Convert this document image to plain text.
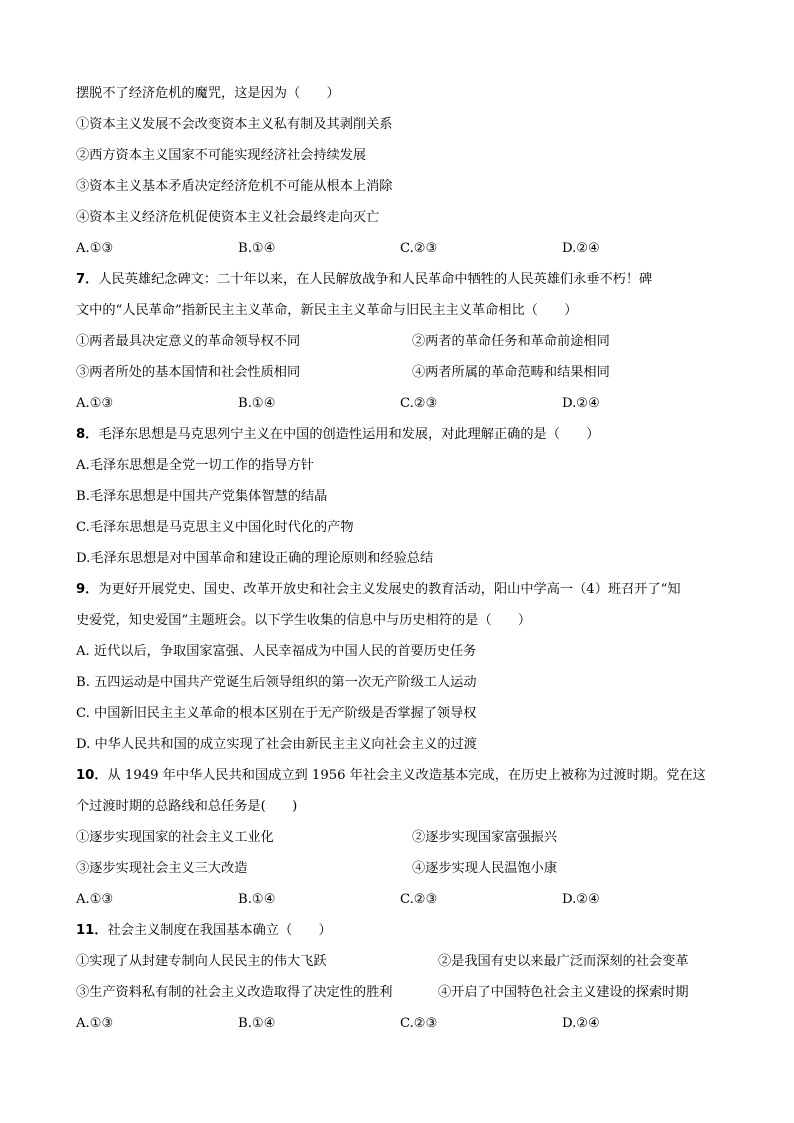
摆脱不了经济危机的魔咒，这是因为（　　）
①资本主义发展不会改变资本主义私有制及其剥削关系
②西方资本主义国家不可能实现经济社会持续发展
③资本主义基本矛盾决定经济危机不可能从根本上消除
④资本主义经济危机促使资本主义社会最终走向灭亡
A.①③	B.①④	C.②③	D.②④
7．人民英雄纪念碑文：二十年以来，在人民解放战争和人民革命中牺牲的人民英雄们永垂不朽！碑
文中的“人民革命”指新民主主义革命，新民主主义革命与旧民主主义革命相比（　　）
①两者最具决定意义的革命领导权不同	②两者的革命任务和革命前途相同
③两者所处的基本国情和社会性质相同	④两者所属的革命范畴和结果相同
A.①③	B.①④	C.②③	D.②④
8．毛泽东思想是马克思列宁主义在中国的创造性运用和发展，对此理解正确的是（　　）
A.毛泽东思想是全党一切工作的指导方针
B.毛泽东思想是中国共产党集体智慧的结晶
C.毛泽东思想是马克思主义中国化时代化的产物
D.毛泽东思想是对中国革命和建设正确的理论原则和经验总结
9．为更好开展党史、国史、改革开放史和社会主义发展史的教育活动，阳山中学高一（4）班召开了“知
史爱党，知史爱国”主题班会。以下学生收集的信息中与历史相符的是（　　）
A. 近代以后，争取国家富强、人民幸福成为中国人民的首要历史任务
B. 五四运动是中国共产党诞生后领导组织的第一次无产阶级工人运动
C. 中国新旧民主主义革命的根本区别在于无产阶级是否掌握了领导权
D. 中华人民共和国的成立实现了社会由新民主主义向社会主义的过渡
10．从 1949 年中华人民共和国成立到 1956 年社会主义改造基本完成，在历史上被称为过渡时期。党在这
个过渡时期的总路线和总任务是(　　)
①逐步实现国家的社会主义工业化	②逐步实现国家富强振兴
③逐步实现社会主义三大改造	④逐步实现人民温饱小康
A.①③	B.①④	C.②③	D.②④
11．社会主义制度在我国基本确立（　　）
①实现了从封建专制向人民民主的伟大飞跃	②是我国有史以来最广泛而深刻的社会变革
③生产资料私有制的社会主义改造取得了决定性的胜利	④开启了中国特色社会主义建设的探索时期
A.①③	B.①④	C.②③	D.②④
